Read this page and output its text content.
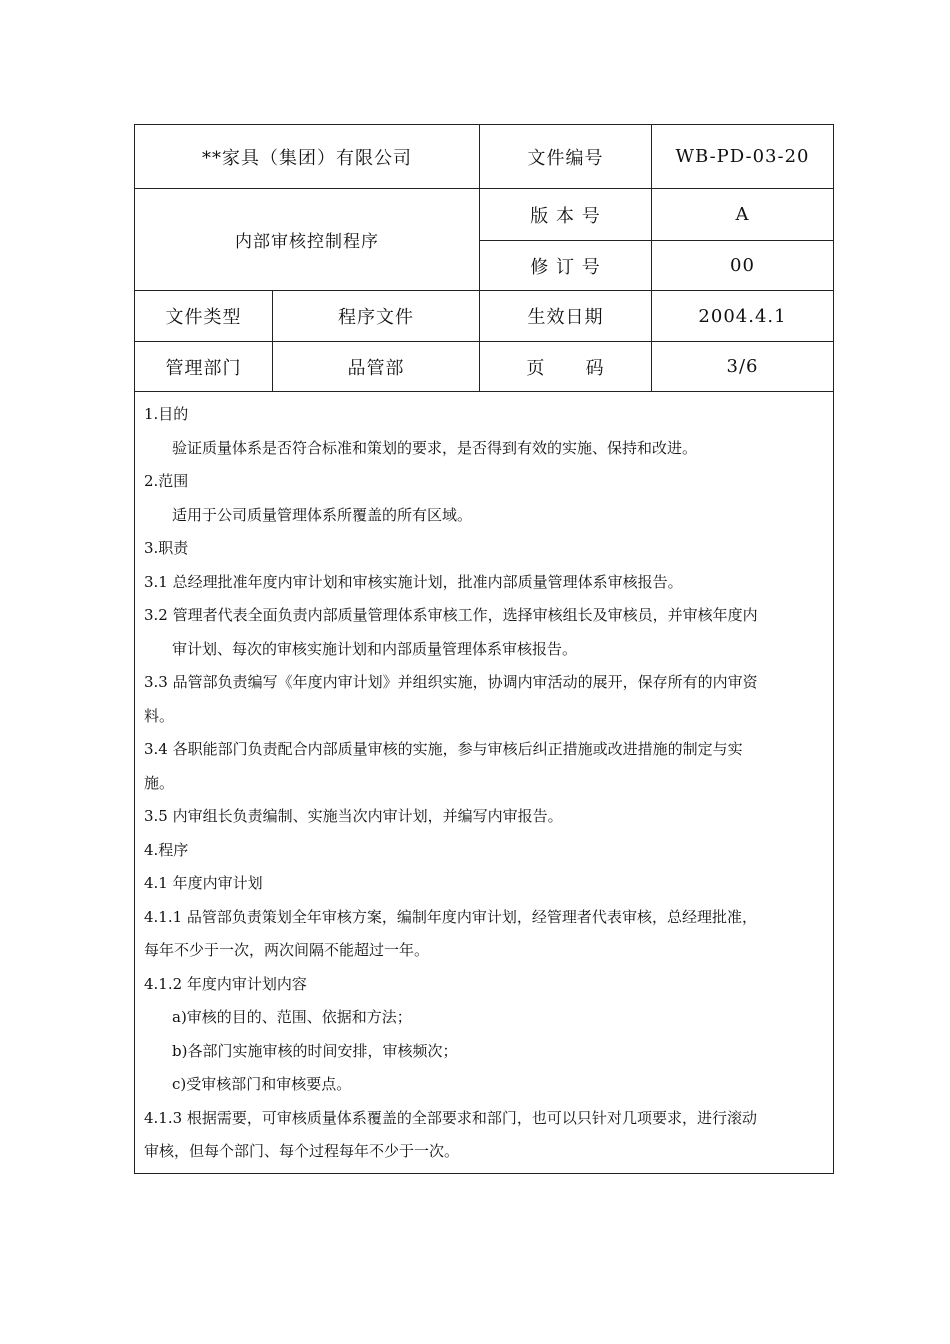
**家具（集团）有限公司	文件编号	WB-PD-03-20
内部审核控制程序
版 本 号	A
修 订 号	00
文件类型	程序文件	生效日期	2004.4.1
管理部门	品管部	页      码	3/6
1.目的
验证质量体系是否符合标准和策划的要求，是否得到有效的实施、保持和改进。
2.范围
适用于公司质量管理体系所覆盖的所有区域。
3.职责
3.1 总经理批准年度内审计划和审核实施计划，批准内部质量管理体系审核报告。
3.2 管理者代表全面负责内部质量管理体系审核工作，选择审核组长及审核员，并审核年度内
审计划、每次的审核实施计划和内部质量管理体系审核报告。
3.3 品管部负责编写《年度内审计划》并组织实施，协调内审活动的展开，保存所有的内审资
料。
3.4 各职能部门负责配合内部质量审核的实施，参与审核后纠正措施或改进措施的制定与实
施。
3.5 内审组长负责编制、实施当次内审计划，并编写内审报告。
4.程序
4.1 年度内审计划
4.1.1 品管部负责策划全年审核方案，编制年度内审计划，经管理者代表审核，总经理批准，
每年不少于一次，两次间隔不能超过一年。
4.1.2 年度内审计划内容
a)审核的目的、范围、依据和方法；
b)各部门实施审核的时间安排，审核频次；
c)受审核部门和审核要点。
4.1.3 根据需要，可审核质量体系覆盖的全部要求和部门，也可以只针对几项要求，进行滚动
审核，但每个部门、每个过程每年不少于一次。
